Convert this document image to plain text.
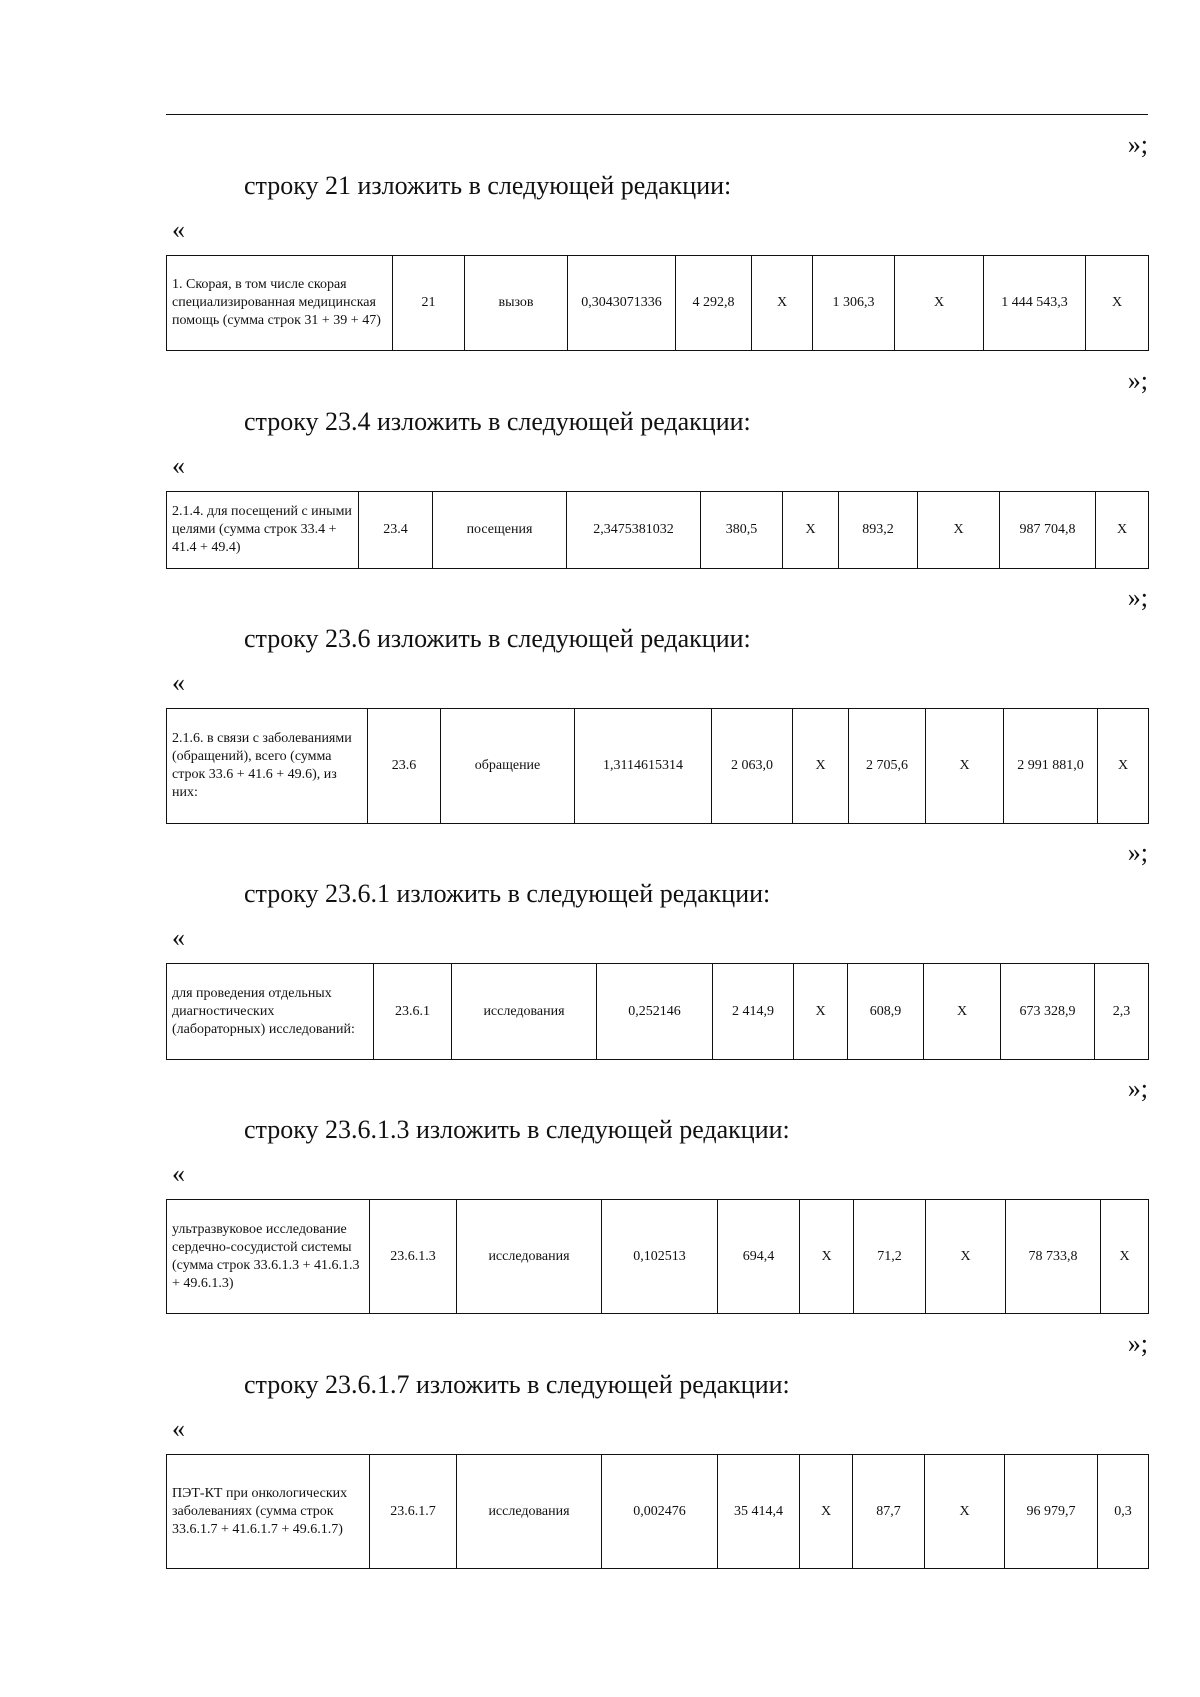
»;
строку 21 изложить в следующей редакции:
«
1. Скорая, в том числе скорая специализированная медицинская помощь (сумма строк 31 + 39 + 47)	21	вызов	0,3043071336	4 292,8	X	1 306,3	X	1 444 543,3	X
»;
строку 23.4 изложить в следующей редакции:
«
2.1.4. для посещений с иными целями (сумма строк 33.4 + 41.4 + 49.4)	23.4	посещения	2,3475381032	380,5	X	893,2	X	987 704,8	X
»;
строку 23.6 изложить в следующей редакции:
«
2.1.6. в связи с заболеваниями (обращений), всего (сумма строк 33.6 + 41.6 + 49.6), из них:	23.6	обращение	1,3114615314	2 063,0	X	2 705,6	X	2 991 881,0	X
»;
строку 23.6.1 изложить в следующей редакции:
«
для проведения отдельных диагностических (лабораторных) исследований:	23.6.1	исследования	0,252146	2 414,9	X	608,9	X	673 328,9	2,3
»;
строку 23.6.1.3 изложить в следующей редакции:
«
ультразвуковое исследование сердечно-сосудистой системы (сумма строк 33.6.1.3 + 41.6.1.3 + 49.6.1.3)	23.6.1.3	исследования	0,102513	694,4	X	71,2	X	78 733,8	X
»;
строку 23.6.1.7 изложить в следующей редакции:
«
ПЭТ-КТ при онкологических заболеваниях (сумма строк 33.6.1.7 + 41.6.1.7 + 49.6.1.7)	23.6.1.7	исследования	0,002476	35 414,4	X	87,7	X	96 979,7	0,3
